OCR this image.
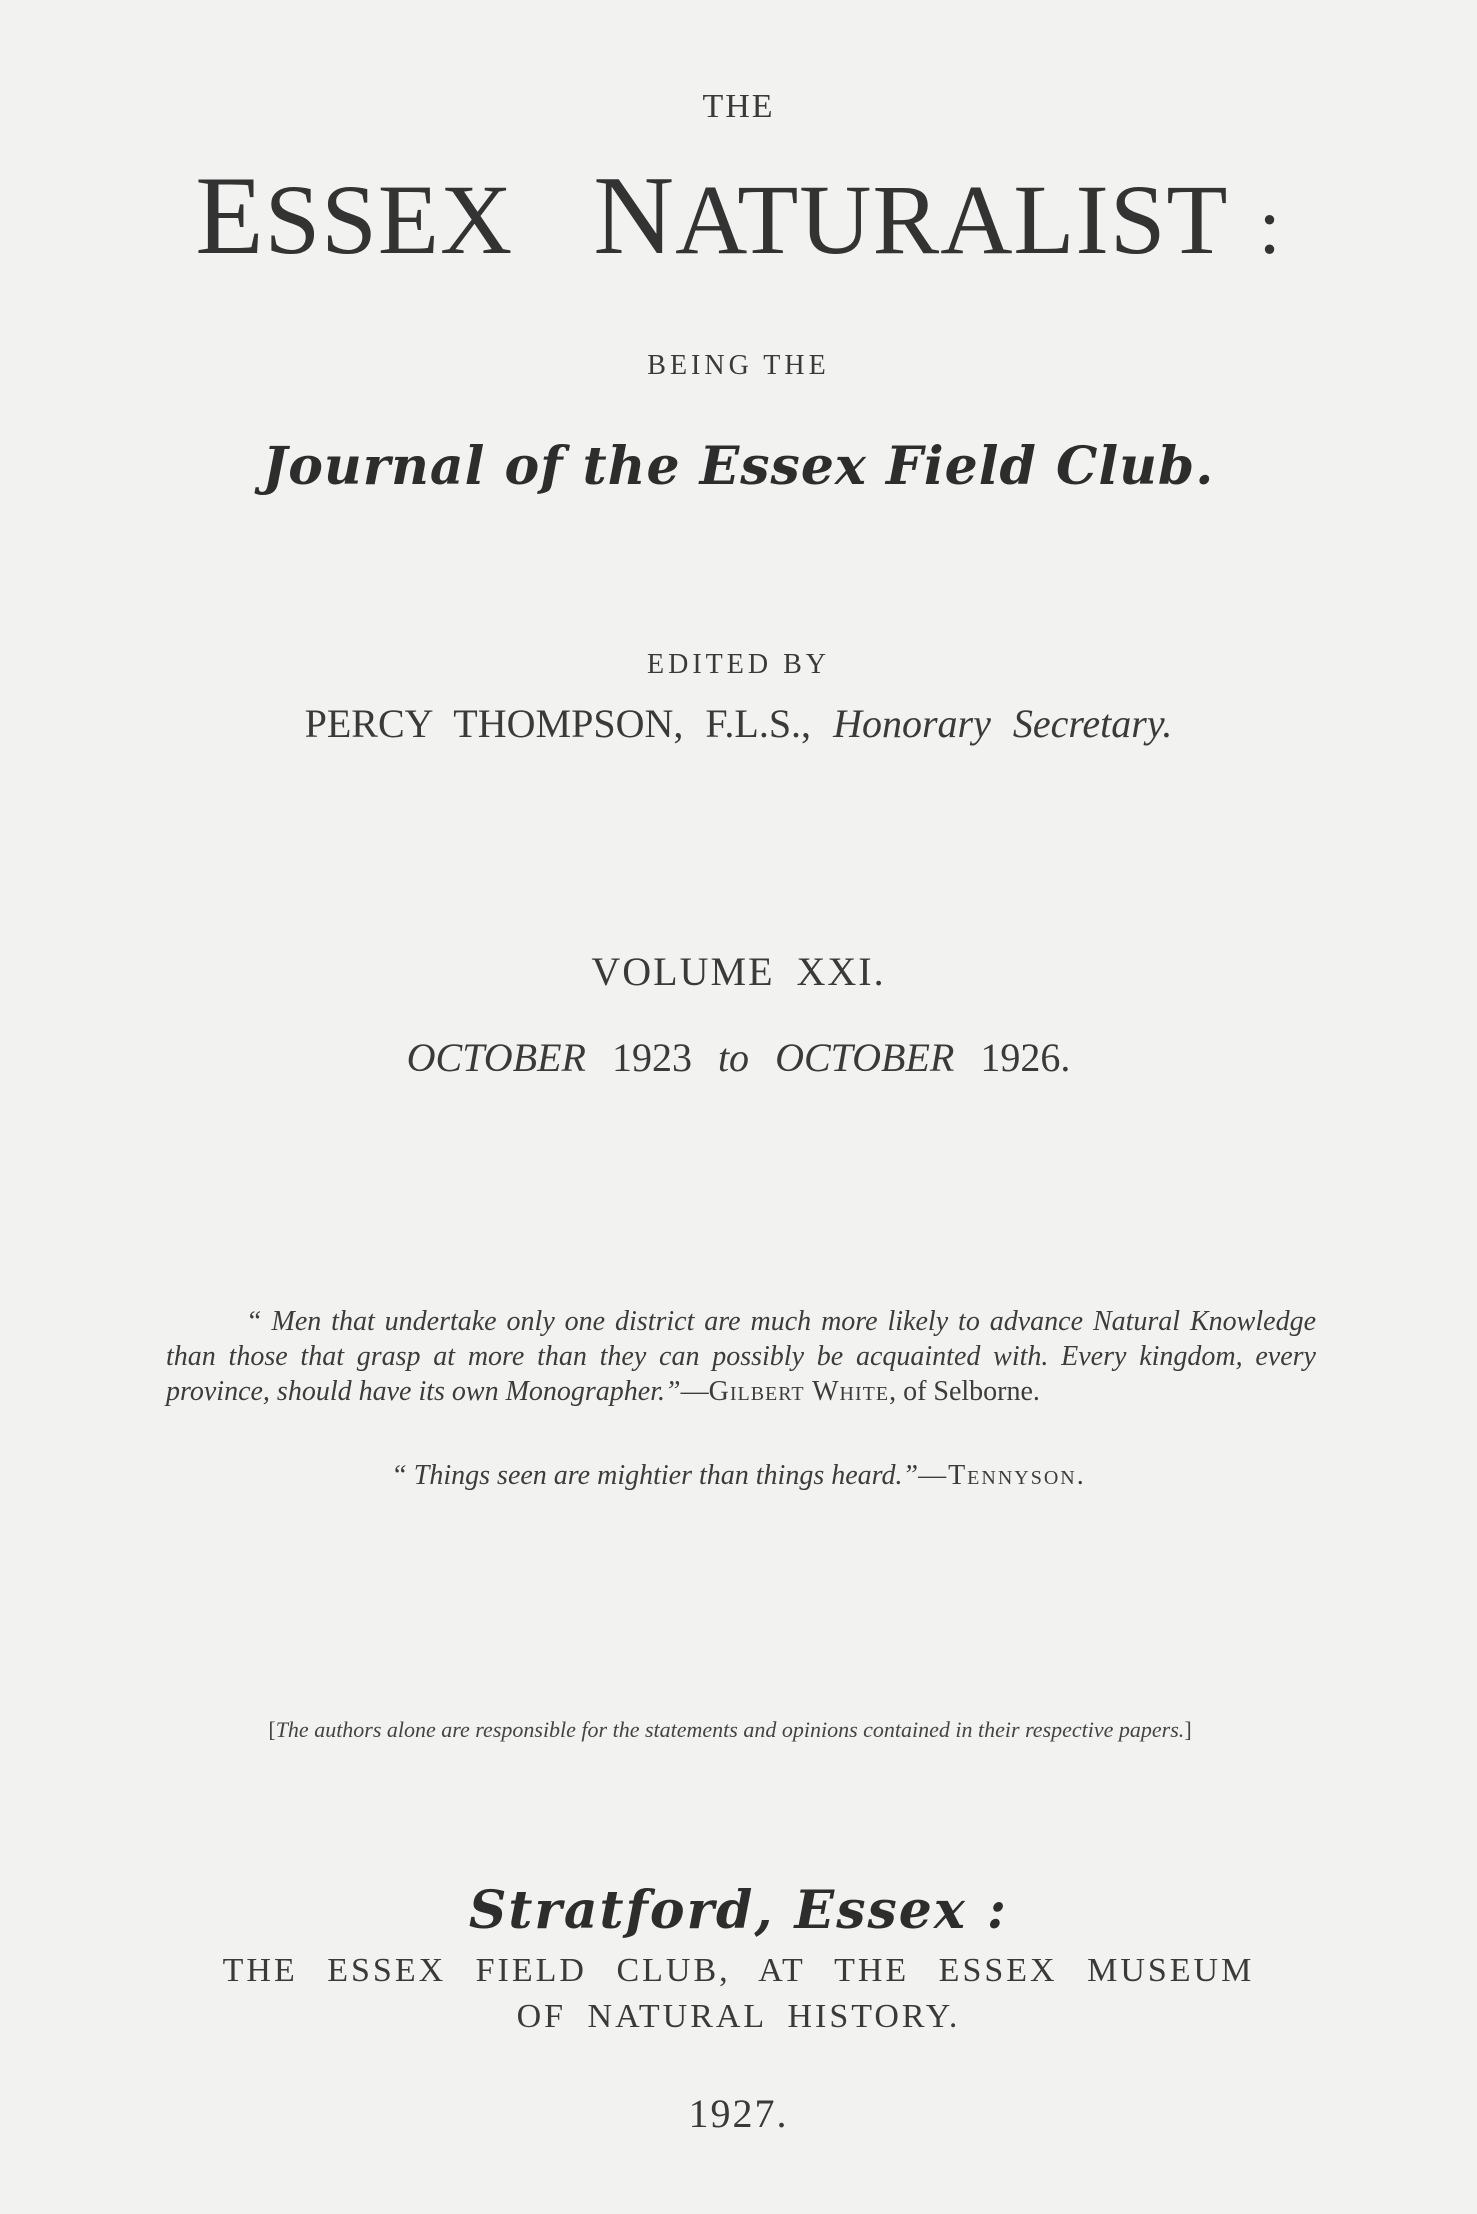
THE
ESSEX NATURALIST :
BEING THE
Journal of the Essex Field Club.
EDITED BY
PERCY THOMPSON, F.L.S., Honorary Secretary.
VOLUME XXI.
OCTOBER 1923 to OCTOBER 1926.
“ Men that undertake only one district are much more likely to advance Natural Knowledge than those that grasp at more than they can possibly be acquainted with. Every kingdom, every province, should have its own Monographer.”—Gilbert White, of Selborne.
“ Things seen are mightier than things heard.”—Tennyson.
[The authors alone are responsible for the statements and opinions contained in their respective papers.]
Stratford, Essex :
THE ESSEX FIELD CLUB, AT THE ESSEX MUSEUM
OF NATURAL HISTORY.
1927.
